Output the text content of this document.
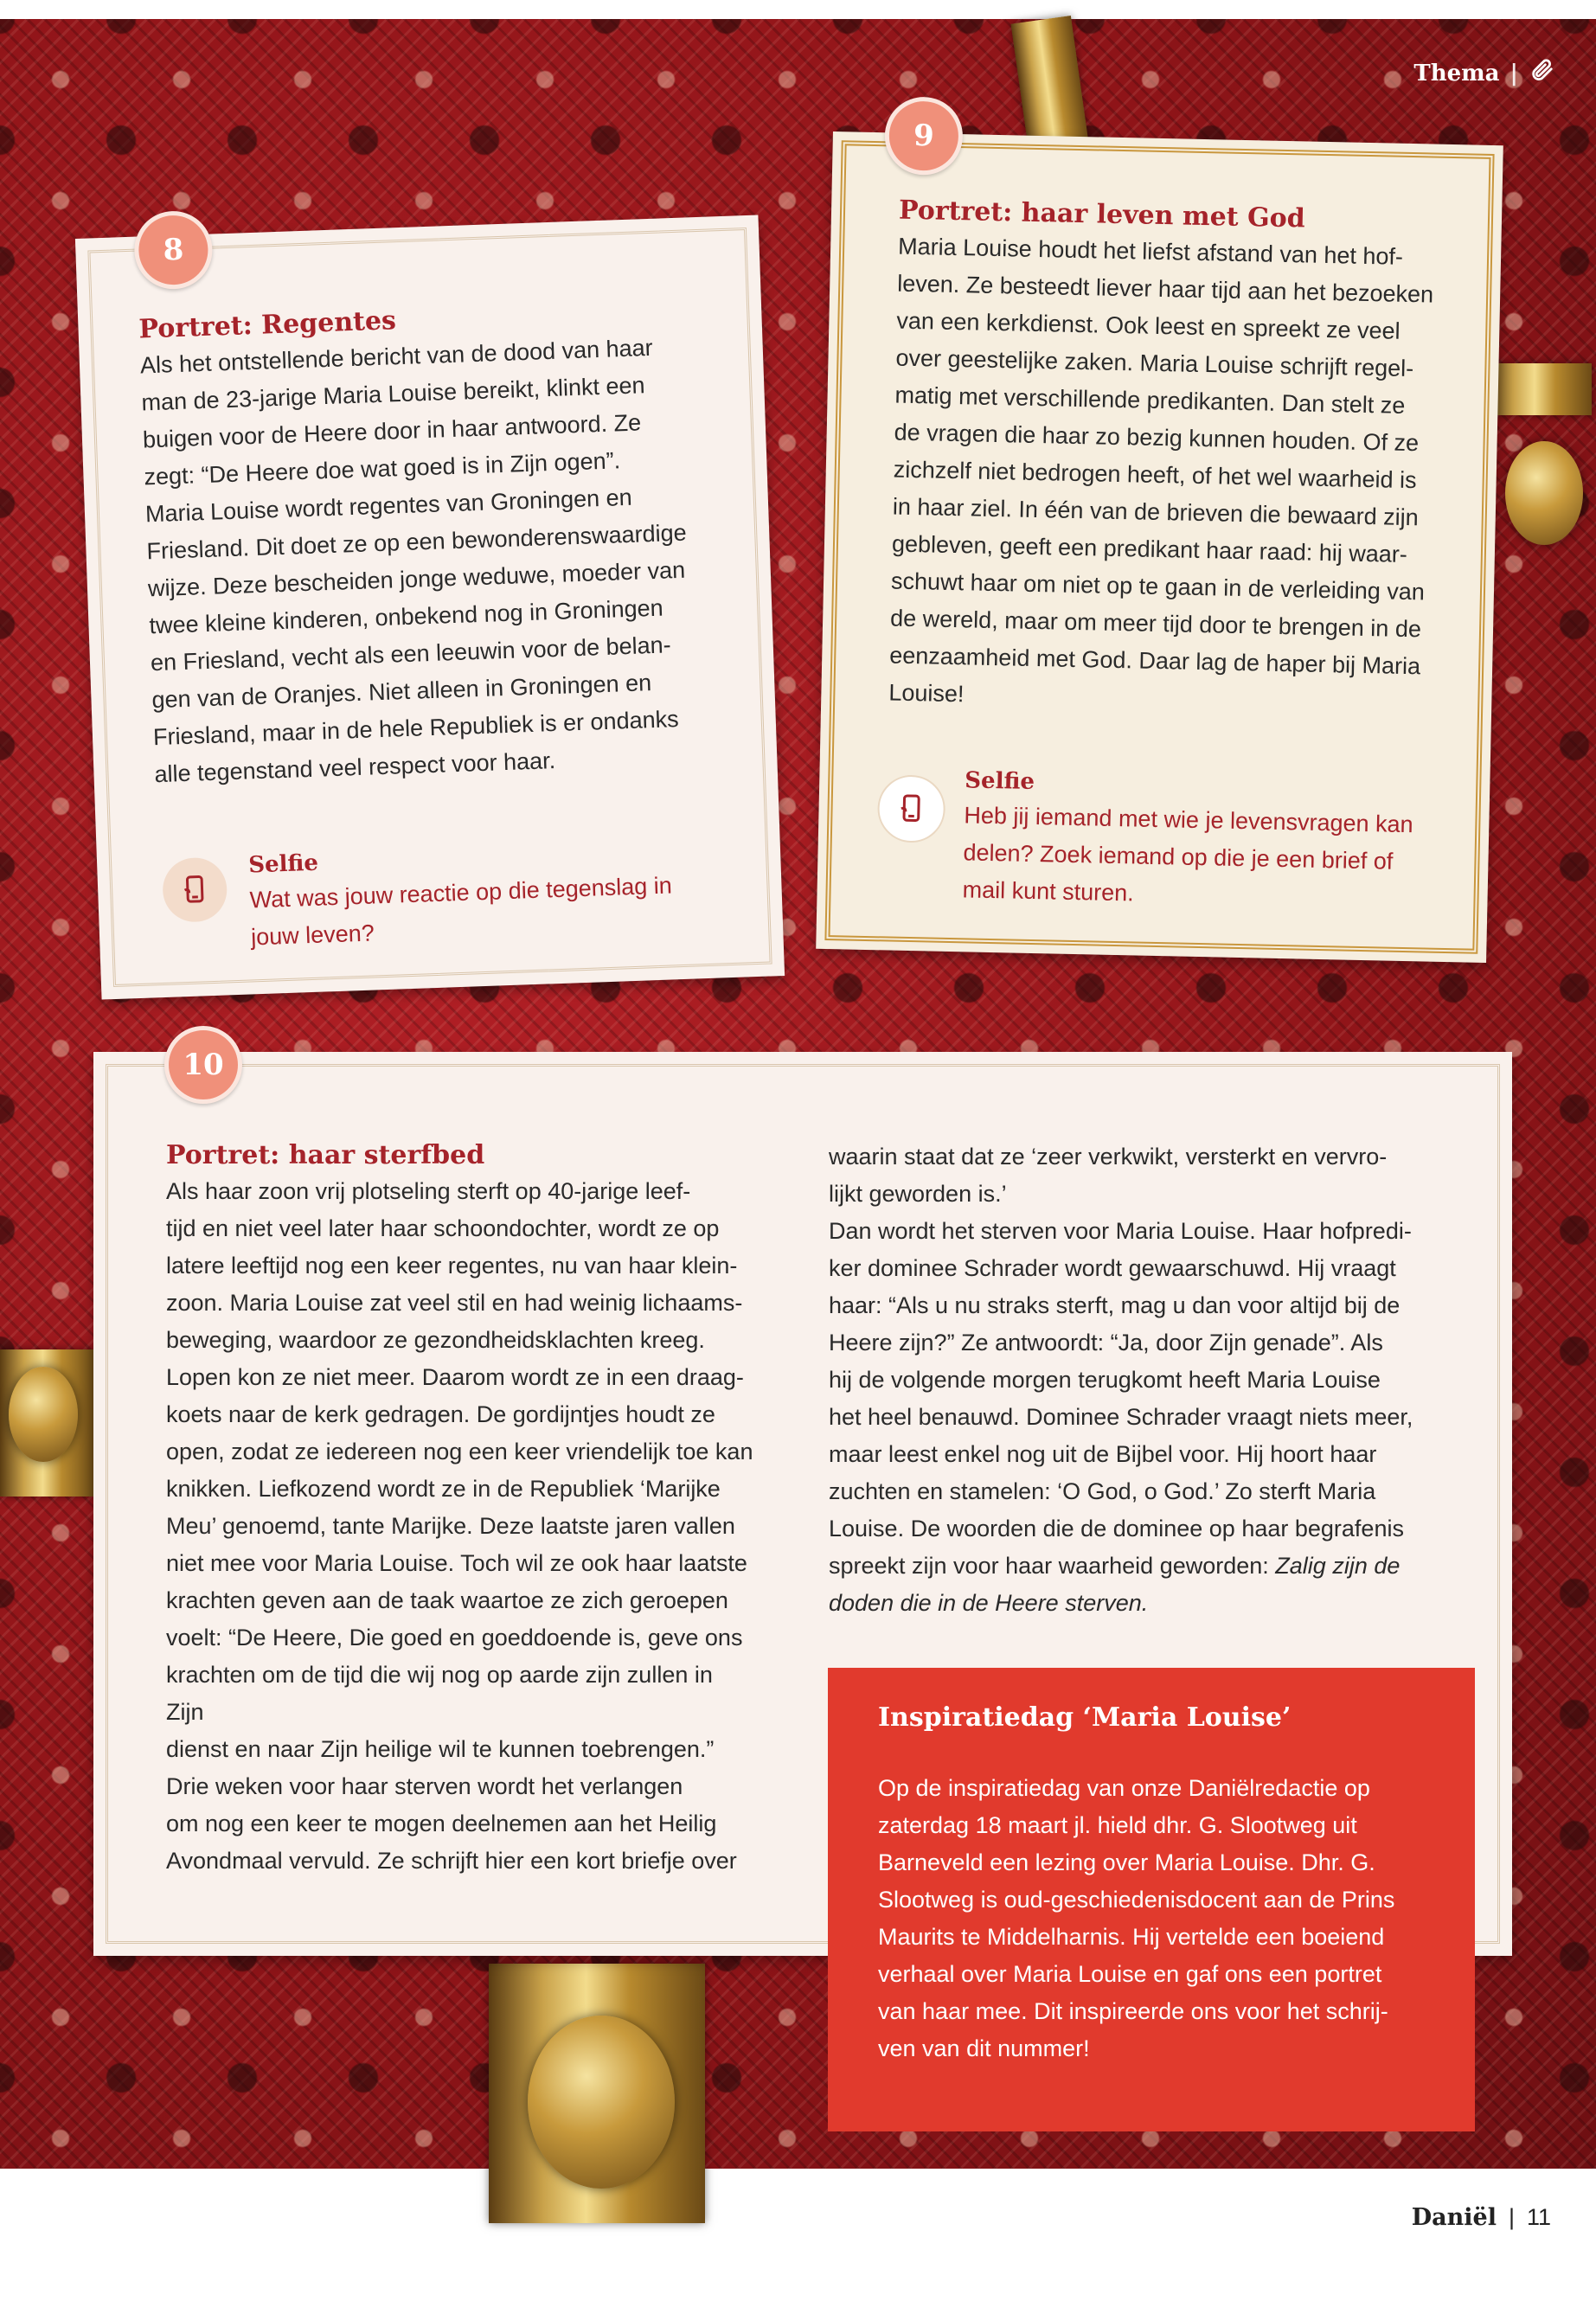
Thema |
8
Portret: Regentes

Als het ontstellende bericht van de dood van haar
man de 23-jarige Maria Louise bereikt, klinkt een
buigen voor de Heere door in haar antwoord. Ze
zegt: “De Heere doe wat goed is in Zijn ogen”.
Maria Louise wordt regentes van Groningen en
Friesland. Dit doet ze op een bewonderenswaardige
wijze. Deze bescheiden jonge weduwe, moeder van
twee kleine kinderen, onbekend nog in Groningen
en Friesland, vecht als een leeuwin voor de belan-
gen van de Oranjes. Niet alleen in Groningen en
Friesland, maar in de hele Republiek is er ondanks
alle tegenstand veel respect voor haar.

Selfie

Wat was jouw reactie op die tegenslag in
jouw leven?

9
Portret: haar leven met God

Maria Louise houdt het liefst afstand van het hof-
leven. Ze besteedt liever haar tijd aan het bezoeken
van een kerkdienst. Ook leest en spreekt ze veel
over geestelijke zaken. Maria Louise schrijft regel-
matig met verschillende predikanten. Dan stelt ze
de vragen die haar zo bezig kunnen houden. Of ze
zichzelf niet bedrogen heeft, of het wel waarheid is
in haar ziel. In één van de brieven die bewaard zijn
gebleven, geeft een predikant haar raad: hij waar-
schuwt haar om niet op te gaan in de verleiding van
de wereld, maar om meer tijd door te brengen in de
eenzaamheid met God. Daar lag de haper bij Maria
Louise!

Selfie

Heb jij iemand met wie je levensvragen kan
delen? Zoek iemand op die je een brief of
mail kunt sturen.

10
Portret: haar sterfbed

Als haar zoon vrij plotseling sterft op 40-jarige leef-
tijd en niet veel later haar schoondochter, wordt ze op
latere leeftijd nog een keer regentes, nu van haar klein-
zoon. Maria Louise zat veel stil en had weinig lichaams-
beweging, waardoor ze gezondheidsklachten kreeg.
Lopen kon ze niet meer. Daarom wordt ze in een draag-
koets naar de kerk gedragen. De gordijntjes houdt ze
open, zodat ze iedereen nog een keer vriendelijk toe kan
knikken. Liefkozend wordt ze in de Republiek ‘Marijke
Meu’ genoemd, tante Marijke. Deze laatste jaren vallen
niet mee voor Maria Louise. Toch wil ze ook haar laatste
krachten geven aan de taak waartoe ze zich geroepen
voelt: “De Heere, Die goed en goeddoende is, geve ons
krachten om de tijd die wij nog op aarde zijn zullen in Zijn
dienst en naar Zijn heilige wil te kunnen toebrengen.”
Drie weken voor haar sterven wordt het verlangen
om nog een keer te mogen deelnemen aan het Heilig
Avondmaal vervuld. Ze schrijft hier een kort briefje over

waarin staat dat ze ‘zeer verkwikt, versterkt en vervro-
lijkt geworden is.’
Dan wordt het sterven voor Maria Louise. Haar hofpredi-
ker dominee Schrader wordt gewaarschuwd. Hij vraagt
haar: “Als u nu straks sterft, mag u dan voor altijd bij de
Heere zijn?” Ze antwoordt: “Ja, door Zijn genade”. Als
hij de volgende morgen terugkomt heeft Maria Louise
het heel benauwd. Dominee Schrader vraagt niets meer,
maar leest enkel nog uit de Bijbel voor. Hij hoort haar
zuchten en stamelen: ‘O God, o God.’ Zo sterft Maria
Louise. De woorden die de dominee op haar begrafenis
spreekt zijn voor haar waarheid geworden: Zalig zijn de
doden die in de Heere sterven.

Inspiratiedag ‘Maria Louise’

Op de inspiratiedag van onze Daniëlredactie op
zaterdag 18 maart jl. hield dhr. G. Slootweg uit
Barneveld een lezing over Maria Louise. Dhr. G.
Slootweg is oud-geschiedenisdocent aan de Prins
Maurits te Middelharnis. Hij vertelde een boeiend
verhaal over Maria Louise en gaf ons een portret
van haar mee. Dit inspireerde ons voor het schrij-
ven van dit nummer!

Daniël | 11
